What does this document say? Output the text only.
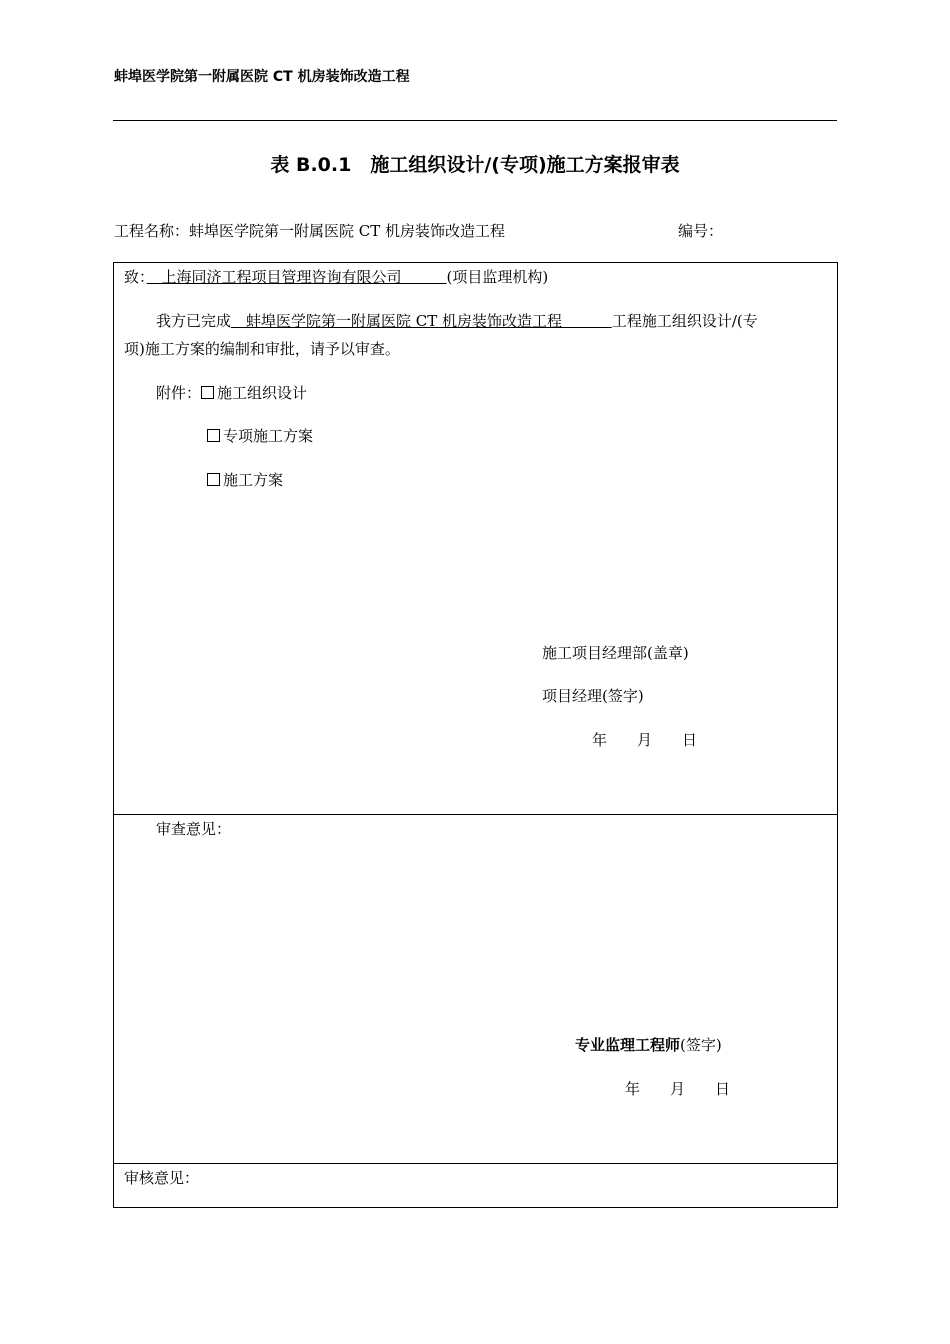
蚌埠医学院第一附属医院 CT 机房装饰改造工程
表 B.0.1　施工组织设计/(专项)施工方案报审表
工程名称：蚌埠医学院第一附属医院 CT 机房装饰改造工程	编号：
致：　上海同济工程项目管理咨询有限公司　　　(项目监理机构)
我方已完成　蚌埠医学院第一附属医院 CT 机房装饰改造工程 　　　工程施工组织设计/(专
项)施工方案的编制和审批，请予以审查。
附件： 施工组织设计
专项施工方案
施工方案
施工项目经理部(盖章)
项目经理(签字)
年　　月　　日
审查意见：
专业监理工程师(签字)
年　　月　　日
审核意见：
